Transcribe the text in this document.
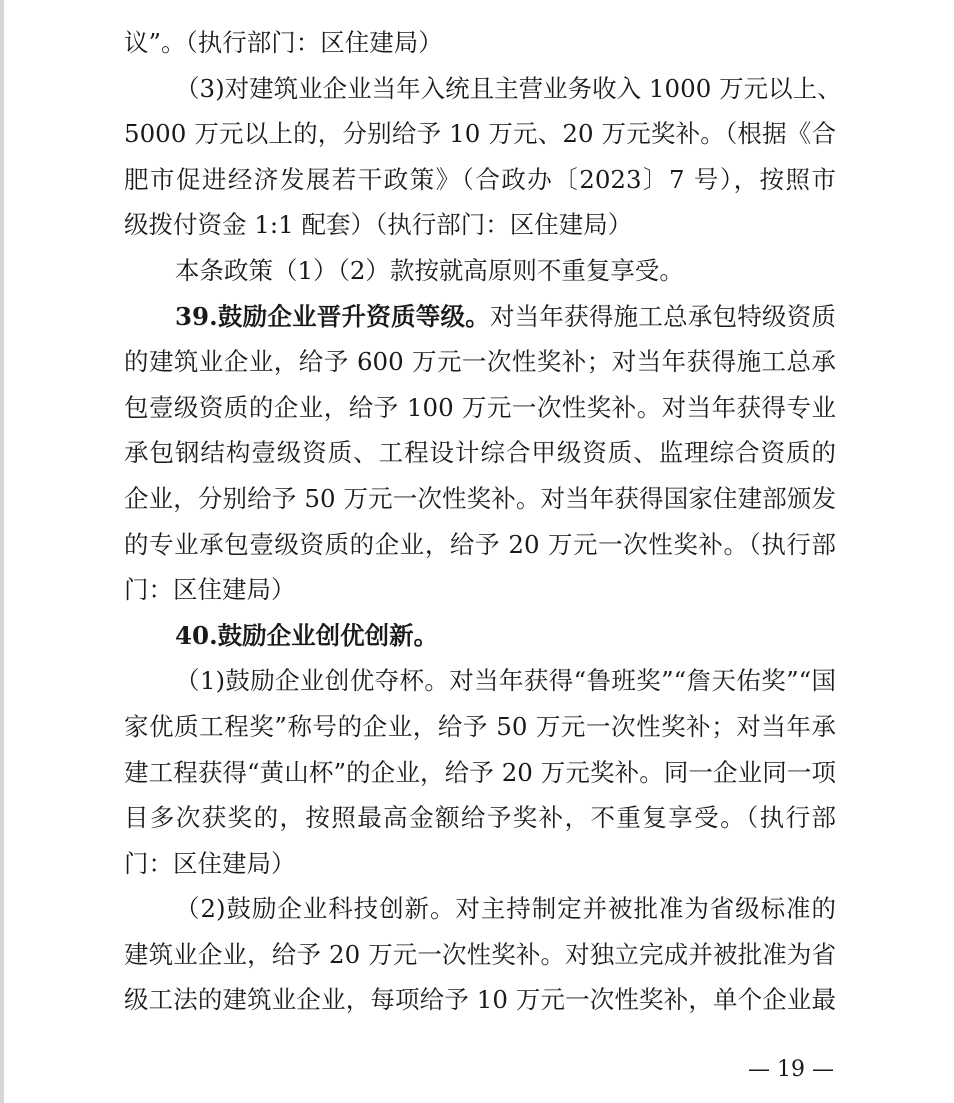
议”。（执行部门：区住建局）
（3)对建筑业企业当年入统且主营业务收入 1000 万元以上、
5000 万元以上的，分别给予 10 万元、20 万元奖补。（根据《合
肥市促进经济发展若干政策》（合政办〔2023〕7 号），按照市
级拨付资金 1:1 配套）（执行部门：区住建局）
本条政策（1）（2）款按就高原则不重复享受。
39.鼓励企业晋升资质等级。对当年获得施工总承包特级资质
的建筑业企业，给予 600 万元一次性奖补；对当年获得施工总承
包壹级资质的企业，给予 100 万元一次性奖补。对当年获得专业
承包钢结构壹级资质、工程设计综合甲级资质、监理综合资质的
企业，分别给予 50 万元一次性奖补。对当年获得国家住建部颁发
的专业承包壹级资质的企业，给予 20 万元一次性奖补。（执行部
门：区住建局）
40.鼓励企业创优创新。
（1)鼓励企业创优夺杯。对当年获得“鲁班奖”“詹天佑奖”“国
家优质工程奖”称号的企业，给予 50 万元一次性奖补；对当年承
建工程获得“黄山杯”的企业，给予 20 万元奖补。同一企业同一项
目多次获奖的，按照最高金额给予奖补，不重复享受。（执行部
门：区住建局）
（2)鼓励企业科技创新。对主持制定并被批准为省级标准的
建筑业企业，给予 20 万元一次性奖补。对独立完成并被批准为省
级工法的建筑业企业，每项给予 10 万元一次性奖补，单个企业最
— 19 —
